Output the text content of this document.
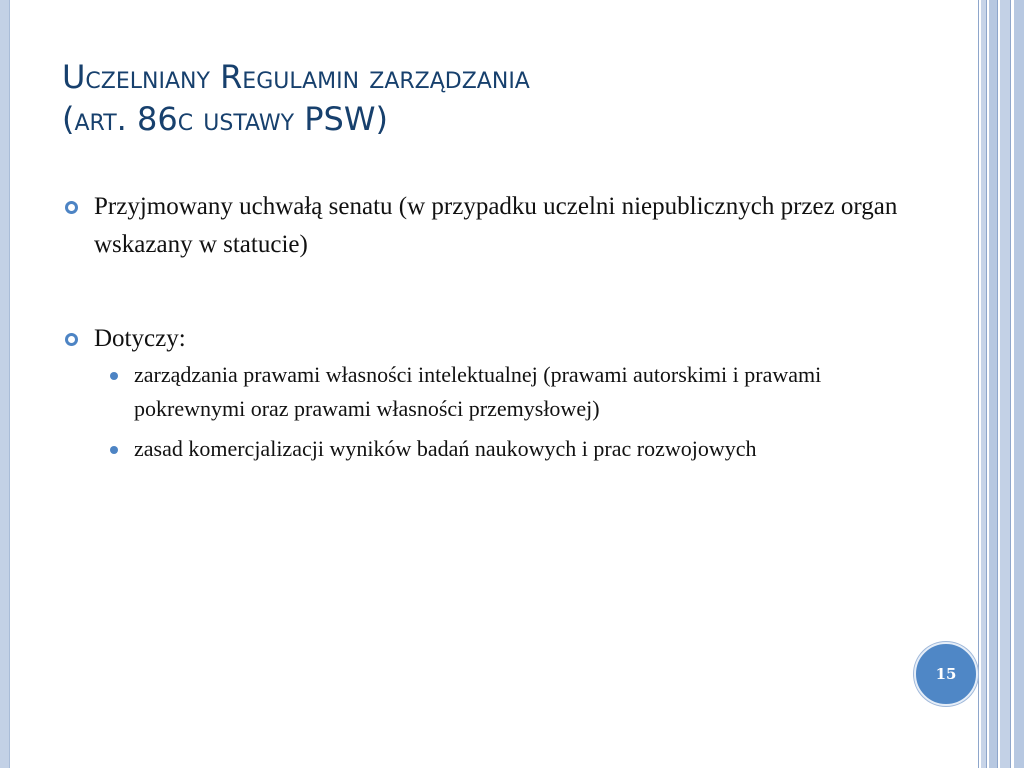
Uczelniany Regulamin zarządzania
(art. 86c ustawy PSW)
Przyjmowany uchwałą senatu (w przypadku uczelni niepublicznych przez organ wskazany w statucie)
Dotyczy:
zarządzania prawami własności intelektualnej (prawami autorskimi i prawami pokrewnymi oraz prawami własności przemysłowej)
zasad komercjalizacji wyników badań naukowych i prac rozwojowych
15
